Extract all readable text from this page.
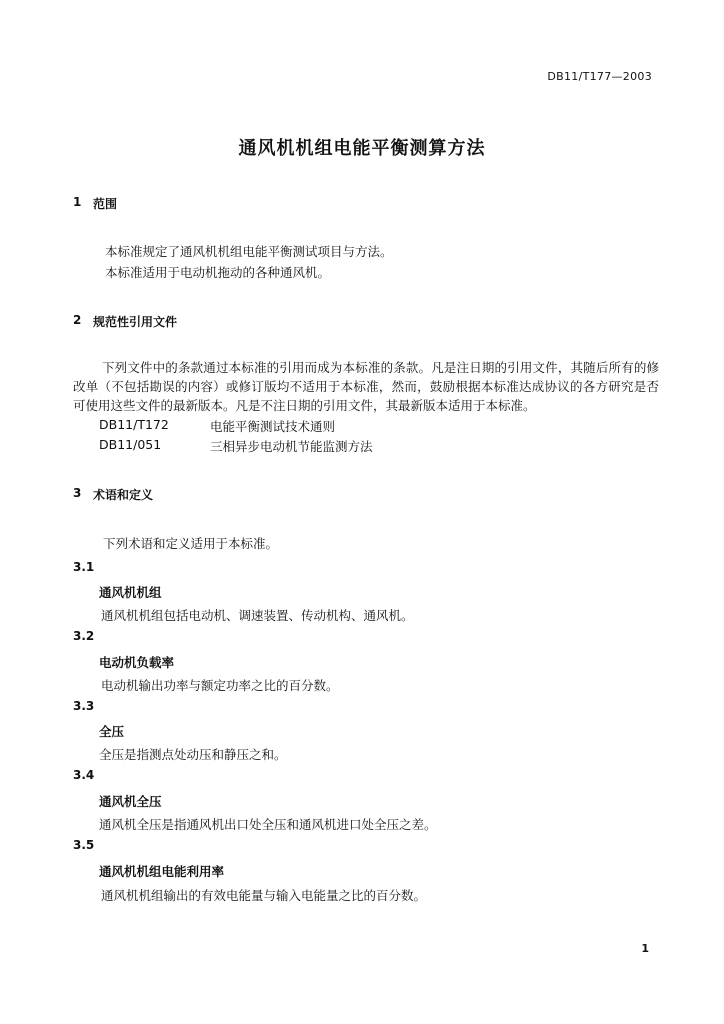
DB11/T177—2003
通风机机组电能平衡测算方法
1 范围
本标准规定了通风机机组电能平衡测试项目与方法。
本标准适用于电动机拖动的各种通风机。
2 规范性引用文件
下列文件中的条款通过本标准的引用而成为本标准的条款。凡是注日期的引用文件，其随后所有的修改单（不包括勘误的内容）或修订版均不适用于本标准，然而，鼓励根据本标准达成协议的各方研究是否可使用这些文件的最新版本。凡是不注日期的引用文件，其最新版本适用于本标准。
DB11/T172	电能平衡测试技术通则
DB11/051	三相异步电动机节能监测方法
3 术语和定义
下列术语和定义适用于本标准。
3.1
通风机机组
通风机机组包括电动机、调速装置、传动机构、通风机。
3.2
电动机负载率
电动机输出功率与额定功率之比的百分数。
3.3
全压
全压是指测点处动压和静压之和。
3.4
通风机全压
通风机全压是指通风机出口处全压和通风机进口处全压之差。
3.5
通风机机组电能利用率
通风机机组输出的有效电能量与输入电能量之比的百分数。
1
